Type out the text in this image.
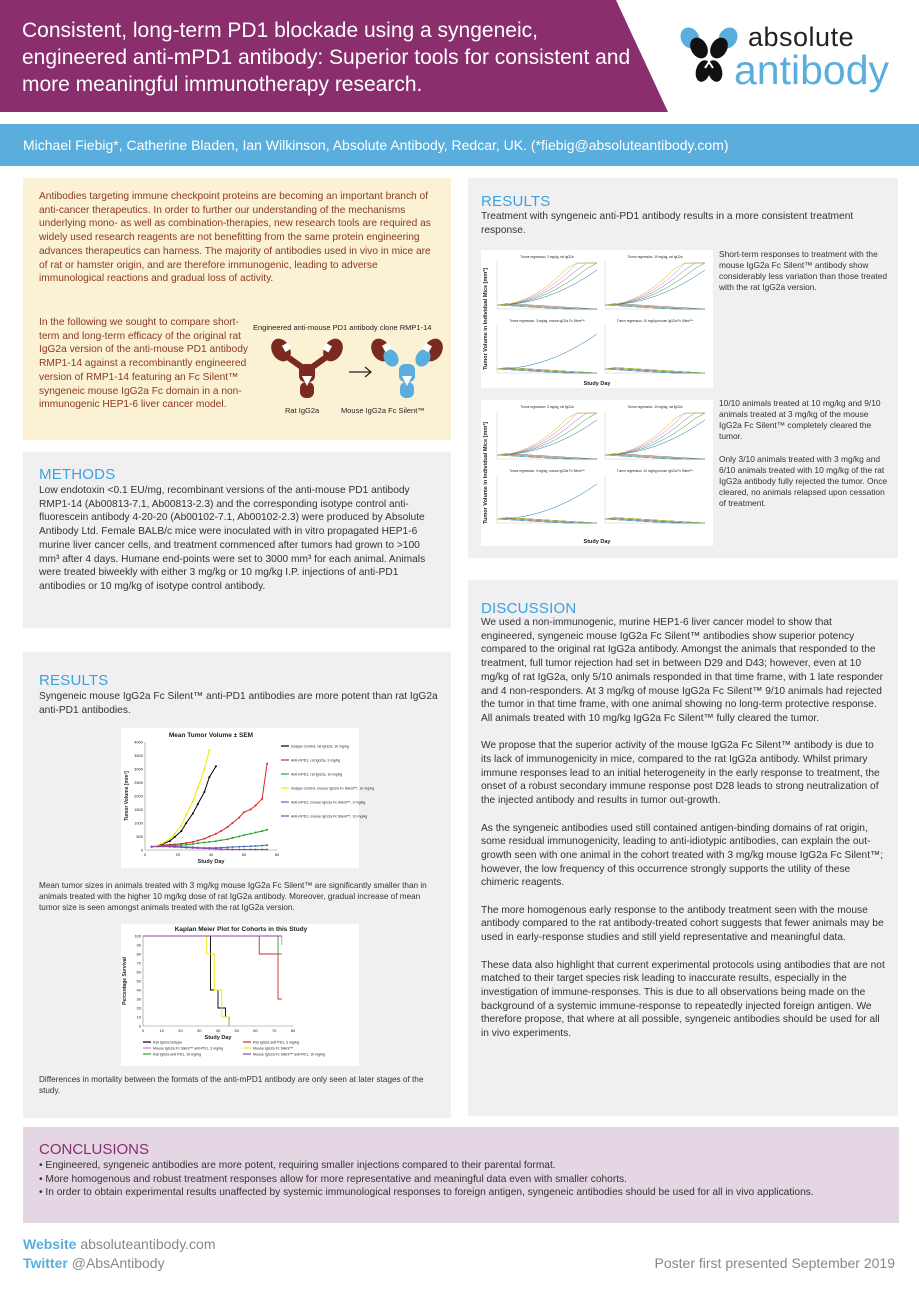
Consistent, long-term PD1 blockade using a syngeneic, engineered anti-mPD1 antibody: Superior tools for consistent and more meaningful immunotherapy research.
absolute
antibody
Michael Fiebig*, Catherine Bladen, Ian Wilkinson, Absolute Antibody, Redcar, UK. (*fiebig@absoluteantibody.com)

Antibodies targeting immune checkpoint proteins are becoming an important branch of anti-cancer therapeutics. In order to further our understanding of the mechanisms underlying mono- as well as combination-therapies, new research tools are required as widely used research reagents are not benefitting from the same protein engineering advances therapeutics can harness. The majority of antibodies used in vivo in mice are of rat or hamster origin, and are therefore immunogenic, leading to adverse immunological reactions and gradual loss of activity.

In the following we sought to compare short-term and long-term efficacy of the original rat IgG2a version of the anti-mouse PD1 antibody RMP1-14 against a recombinantly engineered version of RMP1-14 featuring an Fc Silent™ syngeneic mouse IgG2a Fc domain in a non-immunogenic HEP1-6 liver cancer model.

Engineered anti-mouse PD1 antibody clone RMP1-14
Rat IgG2a	Mouse IgG2a Fc Silent™
METHODS

Low endotoxin <0.1 EU/mg, recombinant versions of the anti-mouse PD1 antibody RMP1-14 (Ab00813-7.1, Ab00813-2.3) and the corresponding isotype control anti-fluorescein antibody 4-20-20 (Ab00102-7.1, Ab00102-2.3) were produced by Absolute Antibody Ltd. Female BALB/c mice were inoculated with in vitro propagated HEP1-6 murine liver cancer cells, and treatment commenced after tumors had grown to >100 mm³ after 4 days. Humane end-points were set to 3000 mm³ for each animal. Animals were treated biweekly with either 3 mg/kg or 10 mg/kg I.P. injections of anti-PD1 antibodies or 10 mg/kg of isotype control antibody.

RESULTS

Syngeneic mouse IgG2a Fc Silent™ anti-PD1 antibodies are more potent than rat IgG2a anti-PD1 antibodies.

Mean Tumor Volume ± SEM
0
500
1000
1500
2000
2500
3000
3500
4000
0	20	40	60	80
Study Day
Tumor Volume [mm³]
Isotype Control, rat IgG2a, 10 mg/kg
Anti-mPD1, rat IgG2a, 3 mg/kg
Anti-mPD1, rat IgG2a, 10 mg/kg
Isotype Control, mouse IgG2a Fc Silent™, 10 mg/kg
Anti-mPD1, mouse IgG2a Fc Silent™, 3 mg/kg
Anti-mPD1, mouse IgG2a Fc Silent™, 10 mg/kg

Mean tumor sizes in animals treated with 3 mg/kg mouse IgG2a Fc Silent™ are significantly smaller than in animals treated with the higher 10 mg/kg dose of rat IgG2a antibody. Moreover, gradual increase of mean tumor size is seen amongst animals treated with the rat IgG2a version.

Kaplan Meier Plot for Cohorts in this Study
0
10
20
30
40
50
60
70
80
90
100
0	10	20	30	40	50	60	70	80
Study Day
Percentage Survival
Rat IgG2a Isotype	Rat IgG2a anti PD1, 3 mg/kg
Mouse IgG2a Fc Silent™ anti-PD1, 3 mg/kg	Mouse IgG2a Fc Silent™
Rat IgG2a anti PD1, 10 mg/kg	Mouse IgG2a Fc Silent™ anti-PD1, 10 mg/kg

Differences in mortality between the formats of the anti-mPD1 antibody are only seen at later stages of the study.

RESULTS

Treatment with syngeneic anti-PD1 antibody results in a more consistent treatment response.

Tumor Volume in Individual Mice [mm³]
Study Day
Tumor regression, 3 mg/kg, rat IgG2a	Tumor regression, 10 mg/kg, rat IgG2a
Tumor regression, 3 mg/kg, mouse IgG2a Fc Silent™	Tumor regression, 10 mg/kg mouse IgG2a Fc Silent™
Tumor Volume in Individual Mice [mm³]
Study Day
Tumor regression, 3 mg/kg, rat IgG2a	Tumor regression, 10 mg/kg, rat IgG2a
Tumor regression, 3 mg/kg, mouse IgG2a Fc Silent™	Tumor regression, 10 mg/kg mouse IgG2a Fc Silent™

Short-term responses to treatment with the mouse IgG2a Fc Silent™ antibody show considerably less variation than those treated with the rat IgG2a version.

10/10 animals treated at 10 mg/kg and 9/10 animals treated at 3 mg/kg of the mouse IgG2a Fc Silent™ completely cleared the tumor.

Only 3/10 animals treated with 3 mg/kg and 6/10 animals treated with 10 mg/kg of the rat IgG2a antibody fully rejected the tumor. Once cleared, no animals relapsed upon cessation of treatment.

DISCUSSION

We used a non-immunogenic, murine HEP1-6 liver cancer model to show that engineered, syngeneic mouse IgG2a Fc Silent™ antibodies show superior potency compared to the original rat IgG2a antibody. Amongst the animals that responded to the treatment, full tumor rejection had set in between D29 and D43; however, even at 10 mg/kg of rat IgG2a, only 5/10 animals responded in that time frame, with 1 late responder and 4 non-responders. At 3 mg/kg of mouse IgG2a Fc Silent™ 9/10 animals had rejected the tumor in that time frame, with one animal showing no long-term protective response. All animals treated with 10 mg/kg IgG2a Fc Silent™ fully cleared the tumor.

We propose that the superior activity of the mouse IgG2a Fc Silent™ antibody is due to its lack of immunogenicity in mice, compared to the rat IgG2a antibody. Whilst primary immune responses lead to an initial heterogeneity in the early response to treatment, the onset of a robust secondary immune response post D28 leads to strong neutralization of the injected antibody and results in tumor out-growth.

As the syngeneic antibodies used still contained antigen-binding domains of rat origin, some residual immunogenicity, leading to anti-idiotypic antibodies, can explain the out-growth seen with one animal in the cohort treated with 3 mg/kg mouse IgG2a Fc Silent™; however, the low frequency of this occurrence strongly supports the utility of these chimeric reagents.

The more homogenous early response to the antibody treatment seen with the mouse antibody compared to the rat antibody-treated cohort suggests that fewer animals may be used in early-response studies and still yield representative and meaningful data.

These data also highlight that current experimental protocols using antibodies that are not matched to their target species risk leading to inaccurate results, especially in the investigation of immune-responses. This is due to all observations being made on the background of a systemic immune-response to repeatedly injected foreign antigen. We therefore propose, that where at all possible, syngeneic antibodies should be used for all in vivo experiments.

CONCLUSIONS
• Engineered, syngeneic antibodies are more potent, requiring smaller injections compared to their parental format.
• More homogenous and robust treatment responses allow for more representative and meaningful data even with smaller cohorts.
• In order to obtain experimental results unaffected by systemic immunological responses to foreign antigen, syngeneic antibodies should be used for all in vivo applications.
Website absoluteantibody.com
Twitter @AbsAntibody	Poster first presented September 2019
